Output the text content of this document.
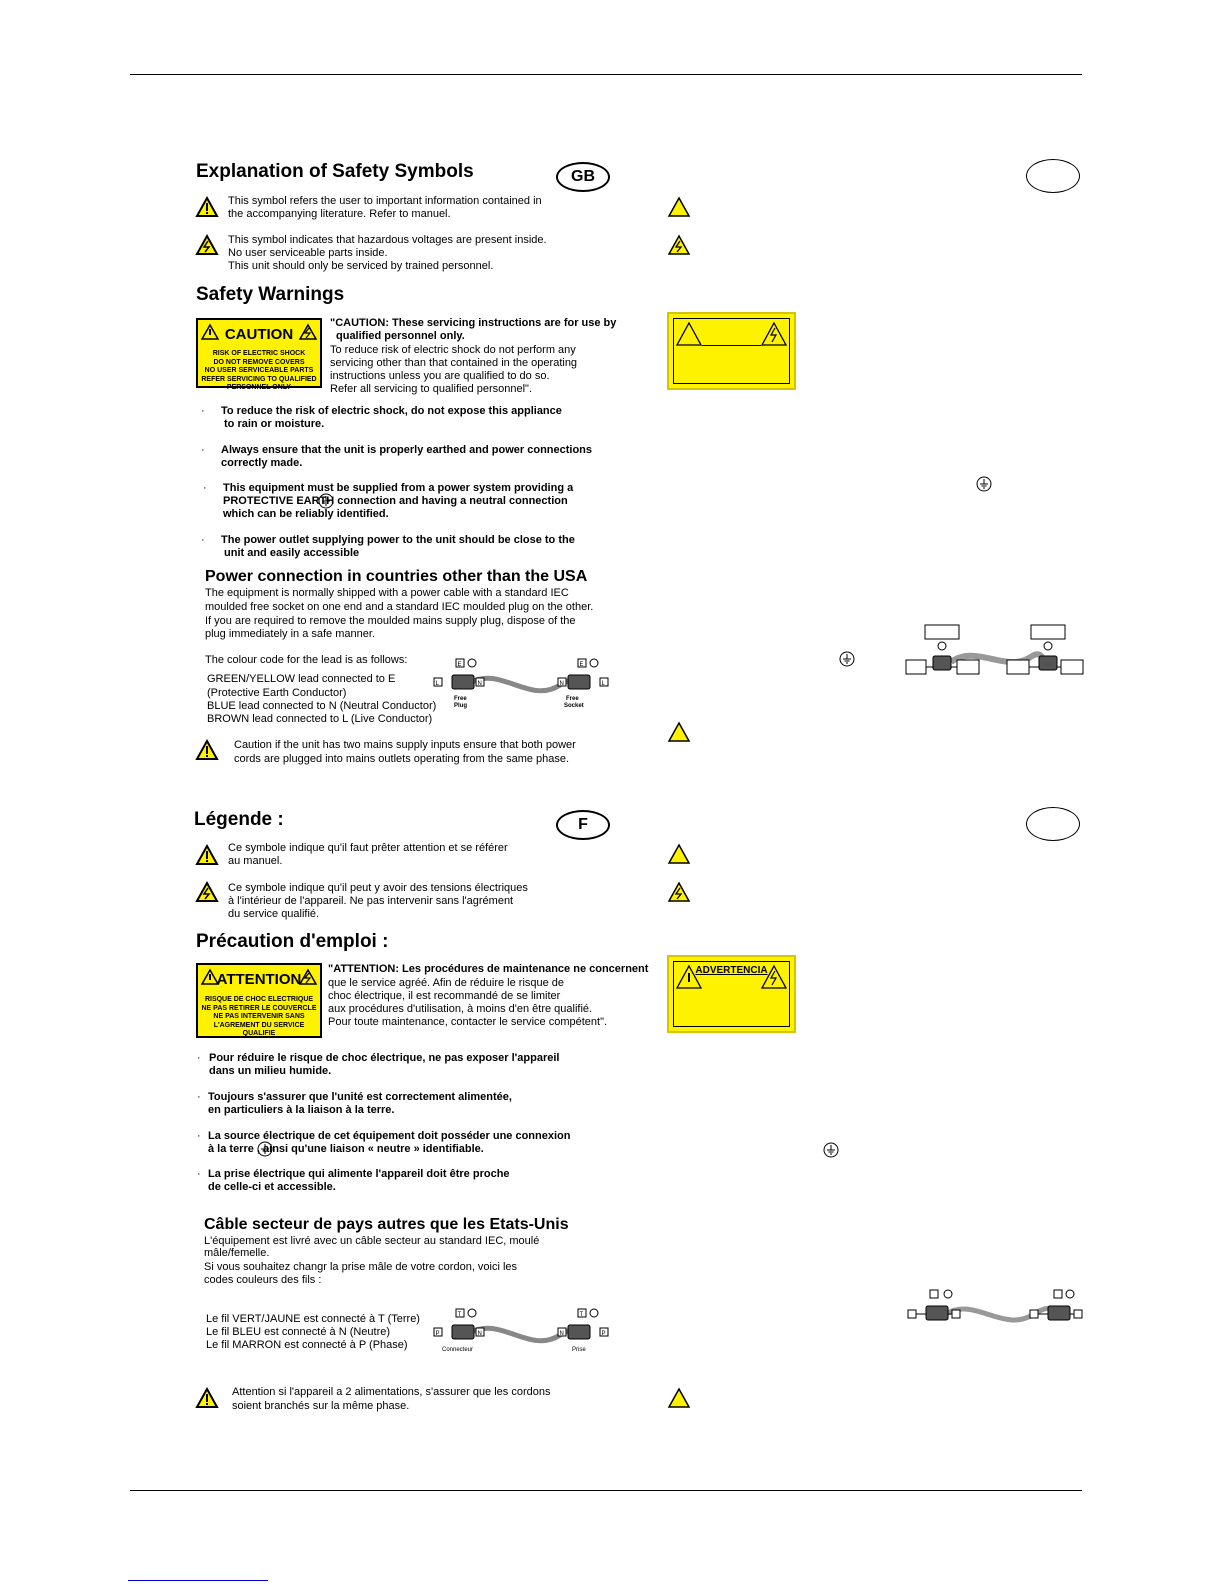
Explanation of Safety Symbols	GB
This symbol refers the user to important information contained in
the accompanying literature. Refer to manuel.
This symbol indicates that hazardous voltages are present inside.
No user serviceable parts inside.
This unit should only be serviced by trained personnel.
Safety Warnings
CAUTION
RISK OF ELECTRIC SHOCK
DO NOT REMOVE COVERS
NO USER SERVICEABLE PARTS
REFER SERVICING TO QUALIFIED
PERSONNEL ONLY
"CAUTION: These servicing instructions are for use by
qualified personnel only.
To reduce risk of electric shock do not perform any
servicing other than that contained in the operating
instructions unless you are qualified to do so.
Refer all servicing to qualified personnel".
· To reduce the risk of electric shock, do not expose this appliance
to rain or moisture.
· Always ensure that the unit is properly earthed and power connections
correctly made.
· This equipment must be supplied from a power system providing a
PROTECTIVE EARTH connection and having a neutral connection
which can be reliably identified.
· The power outlet supplying power to the unit should be close to the
unit and easily accessible
Power connection in countries other than the USA
The equipment is normally shipped with a power cable with a standard IEC
moulded free socket on one end and a standard IEC moulded plug on the other.
If you are required to remove the moulded mains supply plug, dispose of the
plug immediately in a safe manner.
The colour code for the lead is as follows:
GREEN/YELLOW lead connected to E
(Protective Earth Conductor)
BLUE lead connected to N (Neutral Conductor)
BROWN lead connected to L (Live Conductor)
E	E
L	N	N	L
Free
Plug
Free
Socket
Caution if the unit has two mains supply inputs ensure that both power
cords are plugged into mains outlets operating from the same phase.
Légende :	F
Ce symbole indique qu'il faut prêter attention et se référer
au manuel.
Ce symbole indique qu'il peut y avoir des tensions électriques
à l'intérieur de l'appareil. Ne pas intervenir sans l'agrément
du service qualifié.
Précaution d'emploi :
ATTENTION
RISQUE DE CHOC ELECTRIQUE
NE PAS RETIRER LE COUVERCLE
NE PAS INTERVENIR SANS
L'AGREMENT DU SERVICE
QUALIFIE
"ATTENTION: Les procédures de maintenance ne concernent
que le service agréé. Afin de réduire le risque de
choc électrique, il est recommandé de se limiter
aux procédures d'utilisation, à moins d'en être qualifié.
Pour toute maintenance, contacter le service compétent".
· Pour réduire le risque de choc électrique, ne pas exposer l'appareil
dans un milieu humide.
· Toujours s'assurer que l'unité est correctement alimentée,
en particuliers à la liaison à la terre.
· La source électrique de cet équipement doit posséder une connexion
à la terre , ainsi qu'une liaison « neutre » identifiable.
· La prise électrique qui alimente l'appareil doit être proche
de celle-ci et accessible.
Câble secteur de pays autres que les Etats-Unis
L'équipement est livré avec un câble secteur au standard IEC, moulé
mâle/femelle.
Si vous souhaitez changr la prise mâle de votre cordon, voici les
codes couleurs des fils :
Le fil VERT/JAUNE est connecté à T (Terre)
Le fil BLEU est connecté à N (Neutre)
Le fil MARRON est connecté à P (Phase)
T	T
P	N	N	P
Connecteur	Prise
Attention si l'appareil a 2 alimentations, s'assurer que les cordons
soient branchés sur la même phase.
ADVERTENCIA
